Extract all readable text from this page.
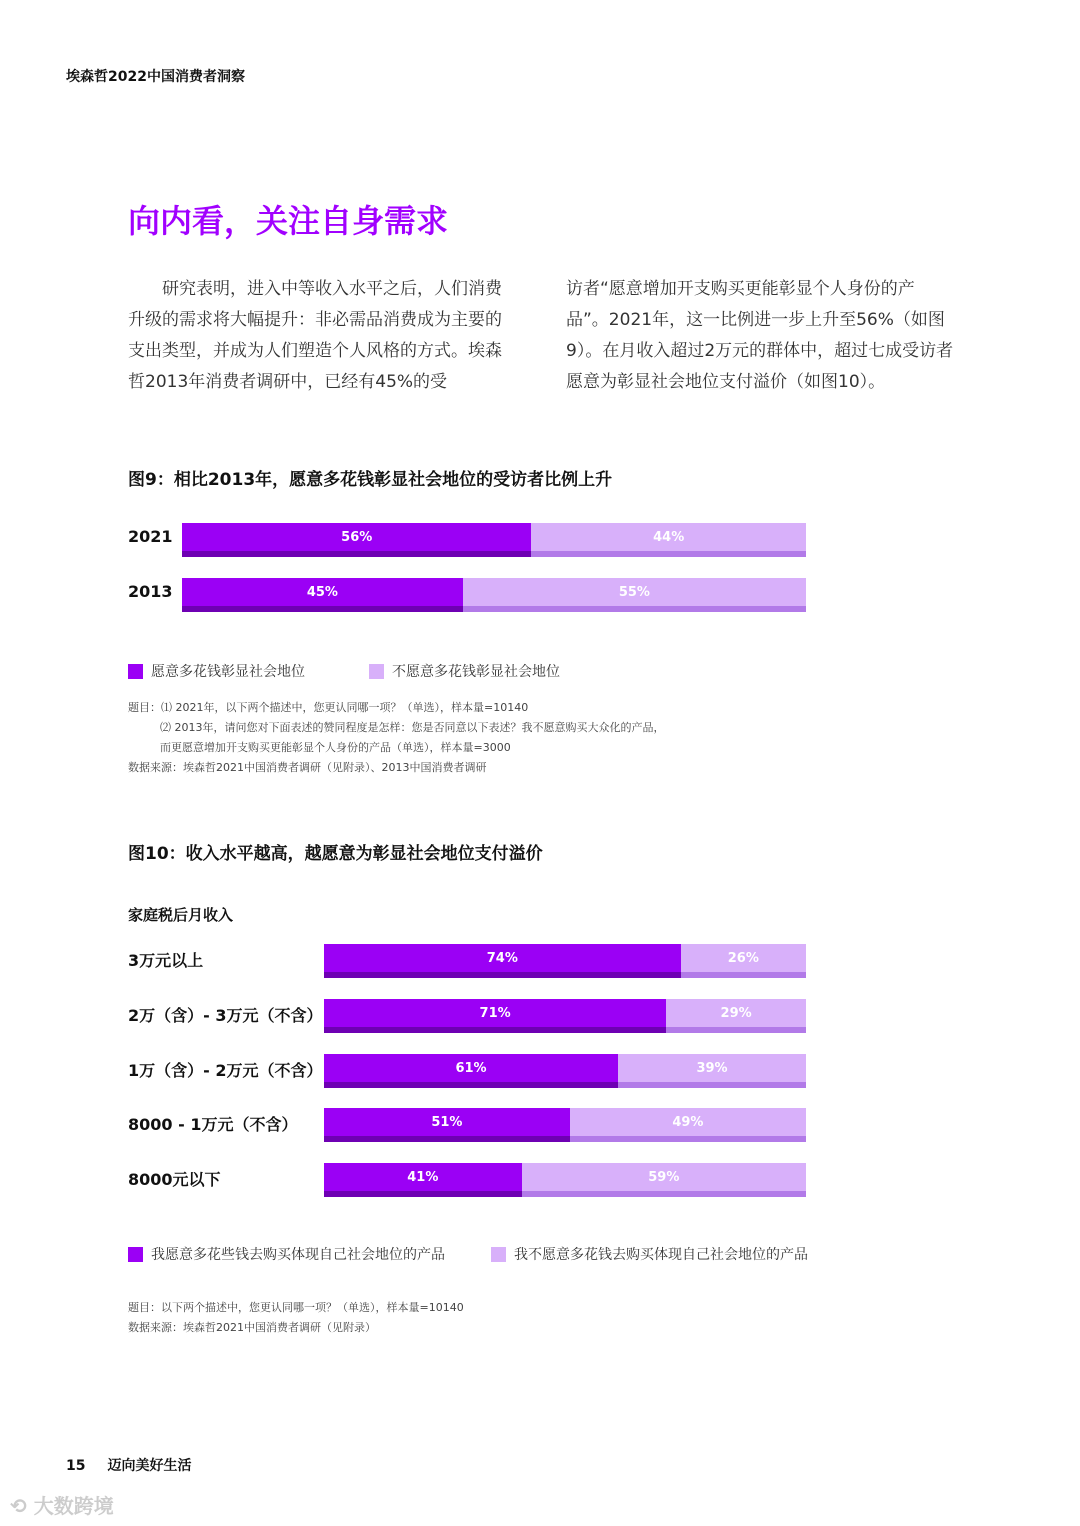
埃森哲2022中国消费者洞察
向内看，关注自身需求
研究表明，进入中等收入水平之后，人们消费升级的需求将大幅提升：非必需品消费成为主要的支出类型，并成为人们塑造个人风格的方式。埃森哲2013年消费者调研中，已经有45%的受
访者“愿意增加开支购买更能彰显个人身份的产品”。2021年，这一比例进一步上升至56%（如图9）。在月收入超过2万元的群体中，超过七成受访者愿意为彰显社会地位支付溢价（如图10）。
图9：相比2013年，愿意多花钱彰显社会地位的受访者比例上升
愿意多花钱彰显社会地位	不愿意多花钱彰显社会地位
题目：⑴ 2021年，以下两个描述中，您更认同哪一项？（单选），样本量=10140
⑵ 2013年，请问您对下面表述的赞同程度是怎样：您是否同意以下表述？我不愿意购买大众化的产品，
而更愿意增加开支购买更能彰显个人身份的产品（单选），样本量=3000
数据来源：埃森哲2021中国消费者调研（见附录）、2013中国消费者调研
图10：收入水平越高，越愿意为彰显社会地位支付溢价
家庭税后月收入
我愿意多花些钱去购买体现自己社会地位的产品	我不愿意多花钱去购买体现自己社会地位的产品
题目：以下两个描述中，您更认同哪一项？（单选），样本量=10140
数据来源：埃森哲2021中国消费者调研（见附录）
15 迈向美好生活
⟲ 大数跨境
2021	56%	44%
2013	45%	55%
3万元以上	74%	26%
2万（含）- 3万元（不含）	71%	29%
1万（含）- 2万元（不含）	61%	39%
8000 - 1万元（不含）	51%	49%
8000元以下	41%	59%
